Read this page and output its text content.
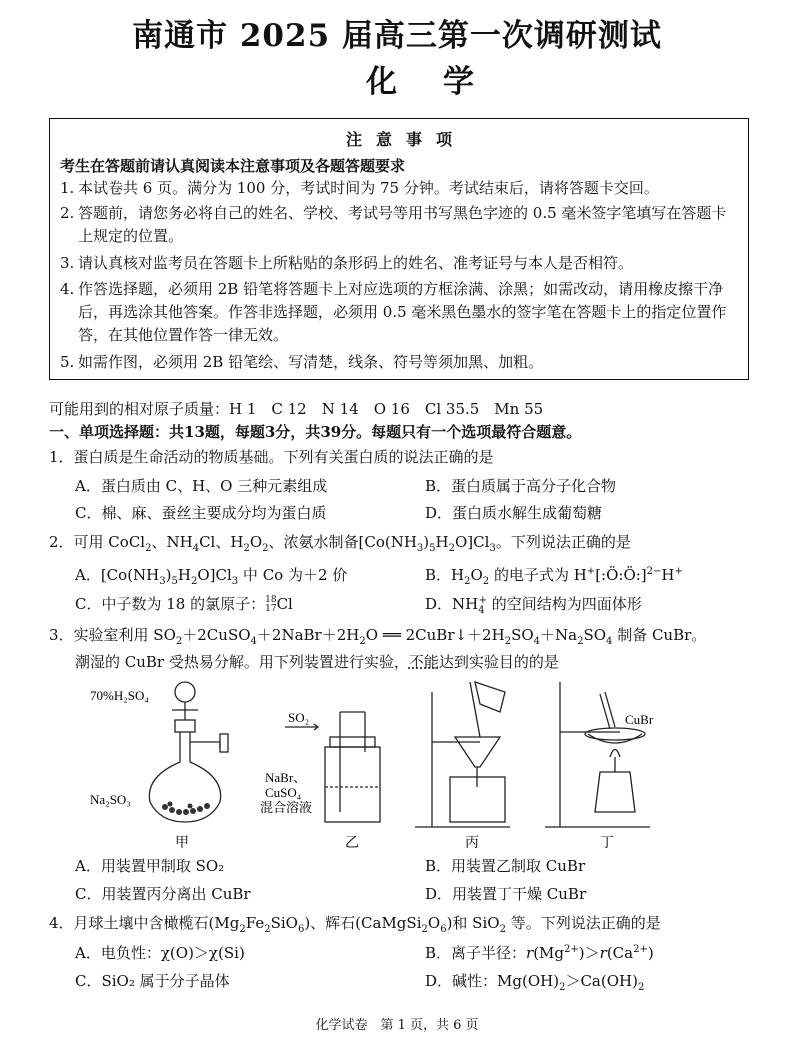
南通市 2025 届高三第一次调研测试
化学
注意事项
考生在答题前请认真阅读本注意事项及各题答题要求
1. 本试卷共 6 页。满分为 100 分，考试时间为 75 分钟。考试结束后，请将答题卡交回。
2. 答题前，请您务必将自己的姓名、学校、考试号等用书写黑色字迹的 0.5 毫米签字笔填写在答题卡上规定的位置。
3. 请认真核对监考员在答题卡上所粘贴的条形码上的姓名、准考证号与本人是否相符。
4. 作答选择题，必须用 2B 铅笔将答题卡上对应选项的方框涂满、涂黑；如需改动，请用橡皮擦干净后，再选涂其他答案。作答非选择题，必须用 0.5 毫米黑色墨水的签字笔在答题卡上的指定位置作答，在其他位置作答一律无效。
5. 如需作图，必须用 2B 铅笔绘、写清楚，线条、符号等须加黑、加粗。
可能用到的相对原子质量：H 1　C 12　N 14　O 16　Cl 35.5　Mn 55
一、单项选择题：共13题，每题3分，共39分。每题只有一个选项最符合题意。
1．蛋白质是生命活动的物质基础。下列有关蛋白质的说法正确的是
A．蛋白质由 C、H、O 三种元素组成	B．蛋白质属于高分子化合物
C．棉、麻、蚕丝主要成分均为蛋白质	D．蛋白质水解生成葡萄糖
2．可用 CoCl$_2$、$NH_4Cl$、$H_2O_2$、浓氨水制备$[Co(NH_3)_5H_2O]Cl_3$。下列说法正确的是
A．$[Co(NH_3)_5H_2O]Cl_3$ 中 Co 为＋2 价	B．$H_2O_2$ 的电子式为 H+[:Ö:Ö:]$^{2-}$H+
C．中子数为 18 的氯原子：18
17Cl	D．$NH_4^+$ 的空间结构为四面体形
3．实验室利用 $SO_2+2CuSO_4+2NaBr+2H_2O$ ══ $2CuBr↓+2H_2SO_4+Na_2SO_4$ 制备 CuBr。
潮湿的 CuBr 受热易分解。用下列装置进行实验，不能达到实验目的的是
70%H₂SO₄
Na₂SO₃
SO₂
NaBr、
CuSO₄
混合溶液
CuBr
甲	乙	丙	丁
A．用装置甲制取 SO₂	B．用装置乙制取 CuBr
C．用装置丙分离出 CuBr	D．用装置丁干燥 CuBr
4．月球土壤中含橄榄石$(Mg_2Fe_2SiO_6)$、辉石$(CaMgSi_2O_6)$和 SiO$_2$ 等。下列说法正确的是
A．电负性：χ(O)＞χ(Si)	B．离子半径：$r(Mg^{2+})>r(Ca^{2+})$
C．SiO₂ 属于分子晶体	D．碱性：$Mg(OH)_2>Ca(OH)_2$
化学试卷　第 1 页，共 6 页
